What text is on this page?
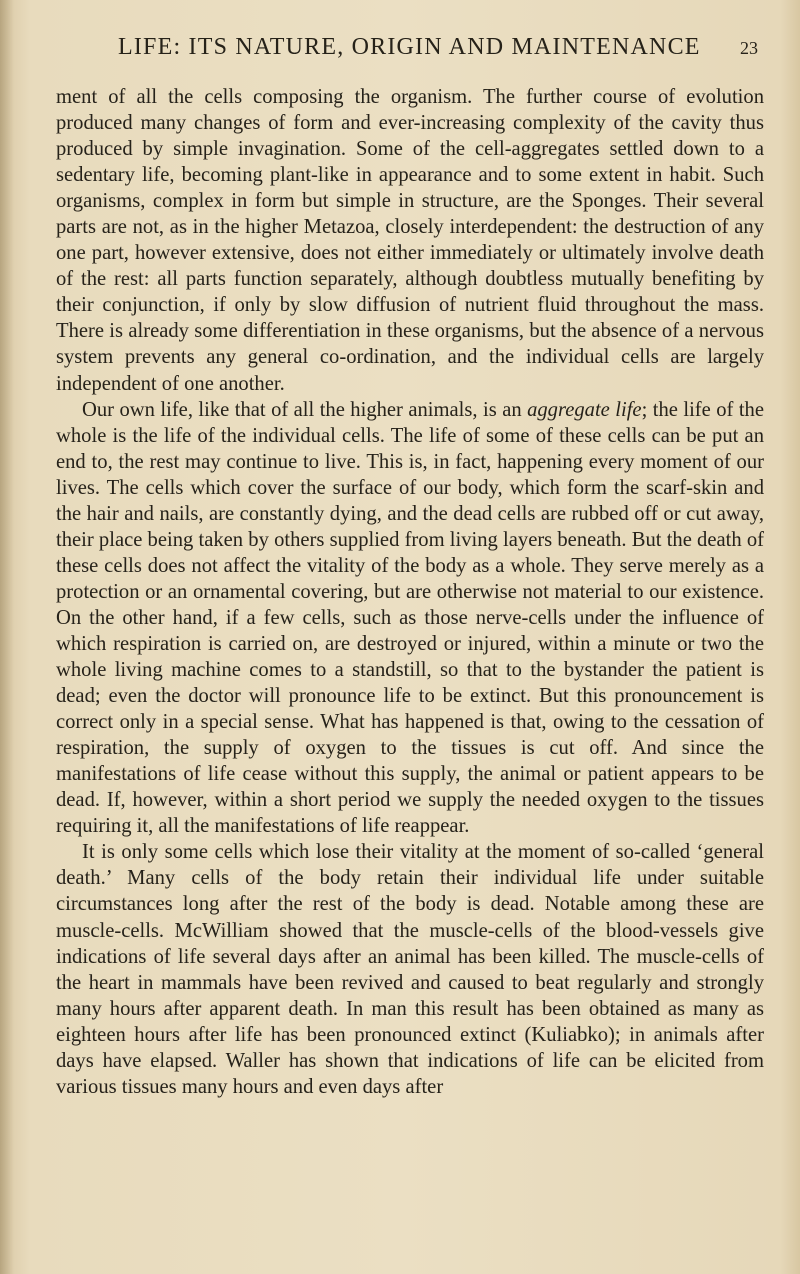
LIFE: ITS NATURE, ORIGIN AND MAINTENANCE 23

ment of all the cells composing the organism. The further course of evolution produced many changes of form and ever-increasing complexity of the cavity thus produced by simple invagination. Some of the cell-aggregates settled down to a sedentary life, becoming plant-like in appearance and to some extent in habit. Such organisms, complex in form but simple in structure, are the Sponges. Their several parts are not, as in the higher Metazoa, closely interdependent: the destruction of any one part, however extensive, does not either immediately or ultimately involve death of the rest: all parts function separately, although doubtless mutually benefiting by their conjunction, if only by slow diffusion of nutrient fluid throughout the mass. There is already some differentiation in these organisms, but the absence of a nervous system prevents any general co-ordination, and the individual cells are largely independent of one another.

Our own life, like that of all the higher animals, is an aggregate life; the life of the whole is the life of the individual cells. The life of some of these cells can be put an end to, the rest may continue to live. This is, in fact, happening every moment of our lives. The cells which cover the surface of our body, which form the scarf-skin and the hair and nails, are constantly dying, and the dead cells are rubbed off or cut away, their place being taken by others supplied from living layers beneath. But the death of these cells does not affect the vitality of the body as a whole. They serve merely as a protection or an ornamental covering, but are otherwise not material to our existence. On the other hand, if a few cells, such as those nerve-cells under the influence of which respiration is carried on, are destroyed or injured, within a minute or two the whole living machine comes to a standstill, so that to the bystander the patient is dead; even the doctor will pronounce life to be extinct. But this pronouncement is correct only in a special sense. What has happened is that, owing to the cessation of respiration, the supply of oxygen to the tissues is cut off. And since the manifestations of life cease without this supply, the animal or patient appears to be dead. If, however, within a short period we supply the needed oxygen to the tissues requiring it, all the manifestations of life reappear.

It is only some cells which lose their vitality at the moment of so-called ‘general death.’ Many cells of the body retain their individual life under suitable circumstances long after the rest of the body is dead. Notable among these are muscle-cells. McWilliam showed that the muscle-cells of the blood-vessels give indications of life several days after an animal has been killed. The muscle-cells of the heart in mammals have been revived and caused to beat regularly and strongly many hours after apparent death. In man this result has been obtained as many as eighteen hours after life has been pronounced extinct (Kuliabko); in animals after days have elapsed. Waller has shown that indications of life can be elicited from various tissues many hours and even days after
